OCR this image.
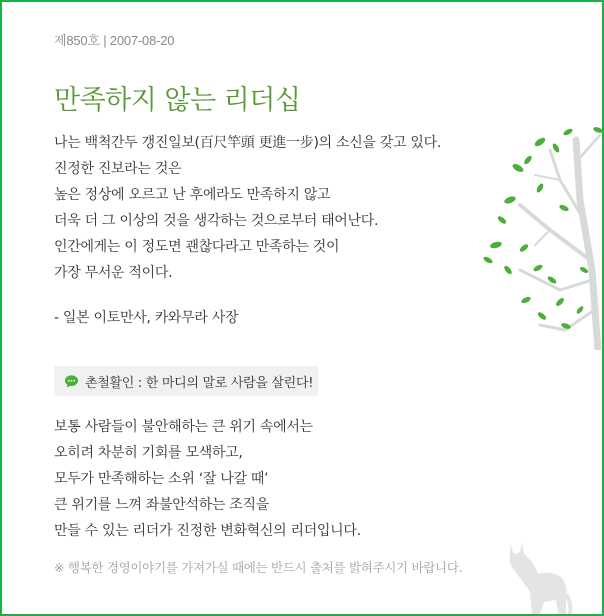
제850호 | 2007-08-20
만족하지 않는 리더십
나는 백척간두 갱진일보(百尺竿頭 更進一步)의 소신을 갖고 있다.
진정한 진보라는 것은
높은 정상에 오르고 난 후에라도 만족하지 않고
더욱 더 그 이상의 것을 생각하는 것으로부터 태어난다.
인간에게는 이 정도면 괜찮다라고 만족하는 것이
가장 무서운 적이다.
- 일본 이토만사, 카와무라 사장
촌철활인 : 한 마디의 말로 사람을 살린다!
보통 사람들이 불안해하는 큰 위기 속에서는
오히려 차분히 기회를 모색하고,
모두가 만족해하는 소위 ‘잘 나갈 때’
큰 위기를 느껴 좌불안석하는 조직을
만들 수 있는 리더가 진정한 변화혁신의 리더입니다.
※ 행복한 경영이야기를 가져가실 때에는 반드시 출처를 밝혀주시기 바랍니다.
